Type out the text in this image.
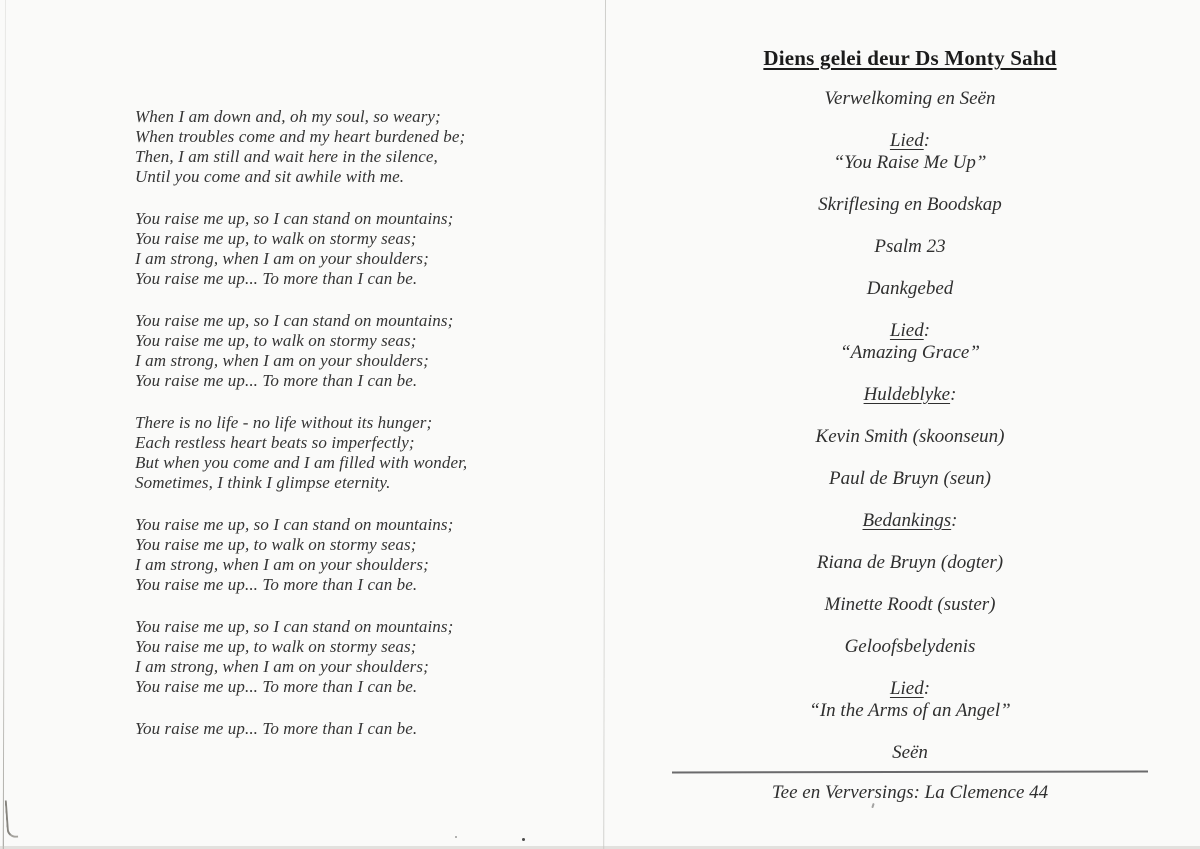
When I am down and, oh my soul, so weary;
When troubles come and my heart burdened be;
Then, I am still and wait here in the silence,
Until you come and sit awhile with me.
You raise me up, so I can stand on mountains;
You raise me up, to walk on stormy seas;
I am strong, when I am on your shoulders;
You raise me up... To more than I can be.
You raise me up, so I can stand on mountains;
You raise me up, to walk on stormy seas;
I am strong, when I am on your shoulders;
You raise me up... To more than I can be.
There is no life - no life without its hunger;
Each restless heart beats so imperfectly;
But when you come and I am filled with wonder,
Sometimes, I think I glimpse eternity.
You raise me up, so I can stand on mountains;
You raise me up, to walk on stormy seas;
I am strong, when I am on your shoulders;
You raise me up... To more than I can be.
You raise me up, so I can stand on mountains;
You raise me up, to walk on stormy seas;
I am strong, when I am on your shoulders;
You raise me up... To more than I can be.
You raise me up... To more than I can be.
Diens gelei deur Ds Monty Sahd
Verwelkoming en Seën
Lied:
“You Raise Me Up”
Skriflesing en Boodskap
Psalm 23
Dankgebed
Lied:
“Amazing Grace”
Huldeblyke:
Kevin Smith (skoonseun)
Paul de Bruyn (seun)
Bedankings:
Riana de Bruyn (dogter)
Minette Roodt (suster)
Geloofsbelydenis
Lied:
“In the Arms of an Angel”
Seën
Tee en Verversings: La Clemence 44
